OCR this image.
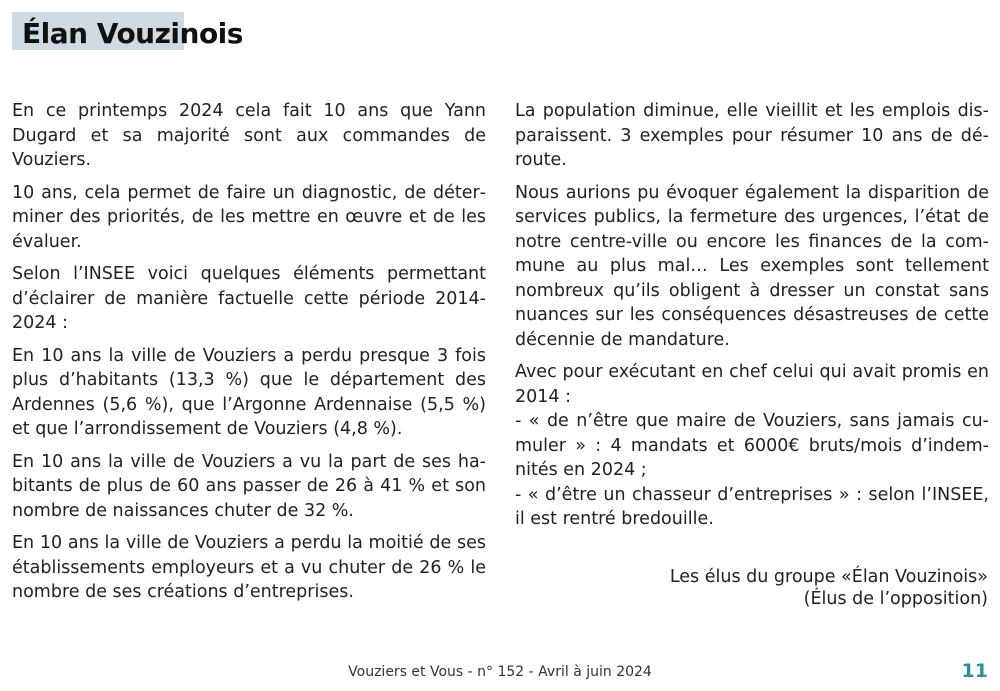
Élan Vouzinois

En ce printemps 2024 cela fait 10 ans que Yann Dugard et sa majorité sont aux commandes de Vouziers.

10 ans, cela permet de faire un diagnostic, de déterminer des priorités, de les mettre en œuvre et de les évaluer.

Selon l’INSEE voici quelques éléments permettant d’éclairer de manière factuelle cette période 2014-2024 :

En 10 ans la ville de Vouziers a perdu presque 3 fois plus d’habitants (13,3 %) que le département des Ardennes (5,6 %), que l’Argonne Ardennaise (5,5 %) et que l’arrondissement de Vouziers (4,8 %).

En 10 ans la ville de Vouziers a vu la part de ses habitants de plus de 60 ans passer de 26 à 41 % et son nombre de naissances chuter de 32 %.

En 10 ans la ville de Vouziers a perdu la moitié de ses établissements employeurs et a vu chuter de 26 % le nombre de ses créations d’entreprises.

La population diminue, elle vieillit et les emplois disparaissent. 3 exemples pour résumer 10 ans de déroute.

Nous aurions pu évoquer également la disparition de services publics, la fermeture des urgences, l’état de notre centre-ville ou encore les finances de la commune au plus mal… Les exemples sont tellement nombreux qu’ils obligent à dresser un constat sans nuances sur les conséquences désastreuses de cette décennie de mandature.

Avec pour exécutant en chef celui qui avait promis en 2014 :

- « de n’être que maire de Vouziers, sans jamais cumuler » : 4 mandats et 6000€ bruts/mois d’indemnités en 2024 ;

- « d’être un chasseur d’entreprises » : selon l’INSEE, il est rentré bredouille.

Les élus du groupe «Élan Vouzinois»
(Élus de l’opposition)
Vouziers et Vous - n° 152 - Avril à juin 2024	11
